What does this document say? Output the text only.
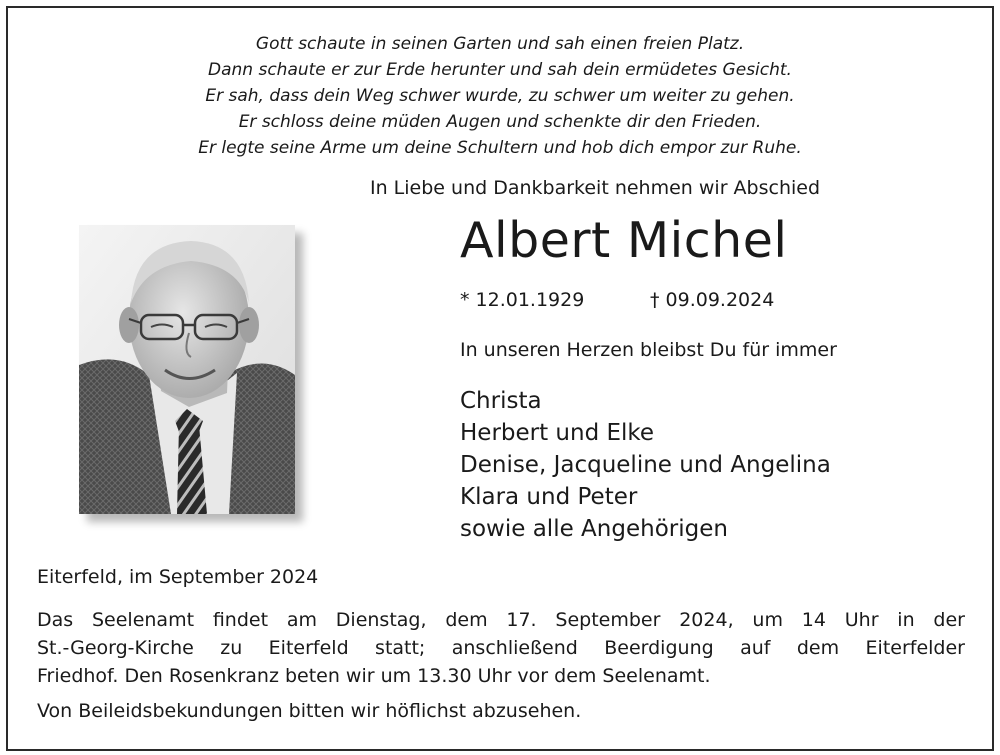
Gott schaute in seinen Garten und sah einen freien Platz.
Dann schaute er zur Erde herunter und sah dein ermüdetes Gesicht.
Er sah, dass dein Weg schwer wurde, zu schwer um weiter zu gehen.
Er schloss deine müden Augen und schenkte dir den Frieden.
Er legte seine Arme um deine Schultern und hob dich empor zur Ruhe.
In Liebe und Dankbarkeit nehmen wir Abschied
Albert Michel
* 12.01.1929	† 09.09.2024
In unseren Herzen bleibst Du für immer
Christa
Herbert und Elke
Denise, Jacqueline und Angelina
Klara und Peter
sowie alle Angehörigen
Eiterfeld, im September 2024
Das Seelenamt findet am Dienstag, dem 17. September 2024, um 14 Uhr in der
St.-Georg-Kirche zu Eiterfeld statt; anschließend Beerdigung auf dem Eiterfelder
Friedhof. Den Rosenkranz beten wir um 13.30 Uhr vor dem Seelenamt.
Von Beileidsbekundungen bitten wir höflichst abzusehen.
